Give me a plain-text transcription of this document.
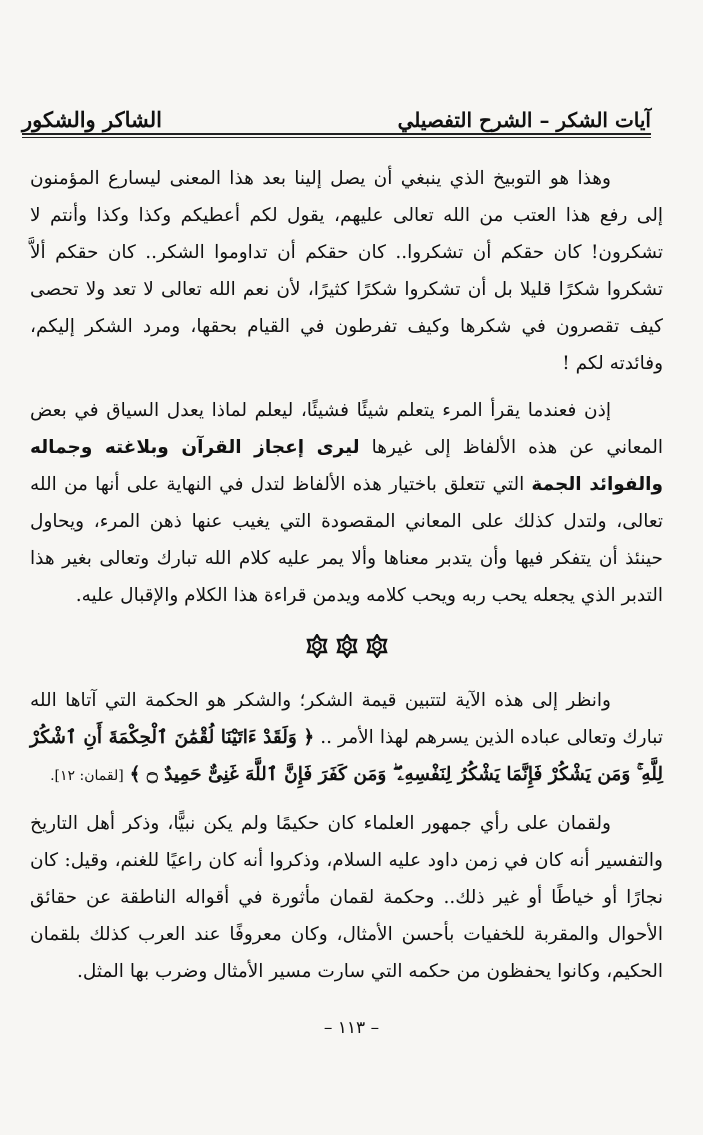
الشاكر والشكور	آيات الشكر – الشرح التفصيلي

وهذا هو التوبيخ الذي ينبغي أن يصل إلينا بعد هذا المعنى ليسارع المؤمنون إلى رفع هذا العتب من الله تعالى عليهم، يقول لكم أعطيكم وكذا وكذا وأنتم لا تشكرون! كان حقكم أن تشكروا.. كان حقكم أن تداوموا الشكر.. كان حقكم ألاَّ تشكروا شكرًا قليلا بل أن تشكروا شكرًا كثيرًا، لأن نعم الله تعالى لا تعد ولا تحصى كيف تقصرون في شكرها وكيف تفرطون في القيام بحقها، ومرد الشكر إليكم، وفائدته لكم !

إذن فعندما يقرأ المرء يتعلم شيئًا فشيئًا، ليعلم لماذا يعدل السياق في بعض المعاني عن هذه الألفاظ إلى غيرها ليرى إعجاز القرآن وبلاغته وجماله والفوائد الجمة التي تتعلق باختيار هذه الألفاظ لتدل في النهاية على أنها من الله تعالى، ولتدل كذلك على المعاني المقصودة التي يغيب عنها ذهن المرء، ويحاول حينئذ أن يتفكر فيها وأن يتدبر معناها وألا يمر عليه كلام الله تبارك وتعالى بغير هذا التدبر الذي يجعله يحب ربه ويحب كلامه ويدمن قراءة هذا الكلام والإقبال عليه.

وانظر إلى هذه الآية لتتبين قيمة الشكر؛ والشكر هو الحكمة التي آتاها الله تبارك وتعالى عباده الذين يسرهم لهذا الأمر .. ﴿ وَلَقَدْ ءَاتَيْنَا لُقْمَٰنَ ٱلْحِكْمَةَ أَنِ ٱشْكُرْ لِلَّهِ ۚ وَمَن يَشْكُرْ فَإِنَّمَا يَشْكُرُ لِنَفْسِهِۦ ۖ وَمَن كَفَرَ فَإِنَّ ٱللَّهَ غَنِىٌّ حَمِيدٌ ۝ ﴾ [لقمان: ١٢].

ولقمان على رأي جمهور العلماء كان حكيمًا ولم يكن نبيًّا، وذكر أهل التاريخ والتفسير أنه كان في زمن داود عليه السلام، وذكروا أنه كان راعيًا للغنم، وقيل: كان نجارًا أو خياطًا أو غير ذلك.. وحكمة لقمان مأثورة في أقواله الناطقة عن حقائق الأحوال والمقربة للخفيات بأحسن الأمثال، وكان معروفًا عند العرب كذلك بلقمان الحكيم، وكانوا يحفظون من حكمه التي سارت مسير الأمثال وضرب بها المثل.

– ١١٣ –
